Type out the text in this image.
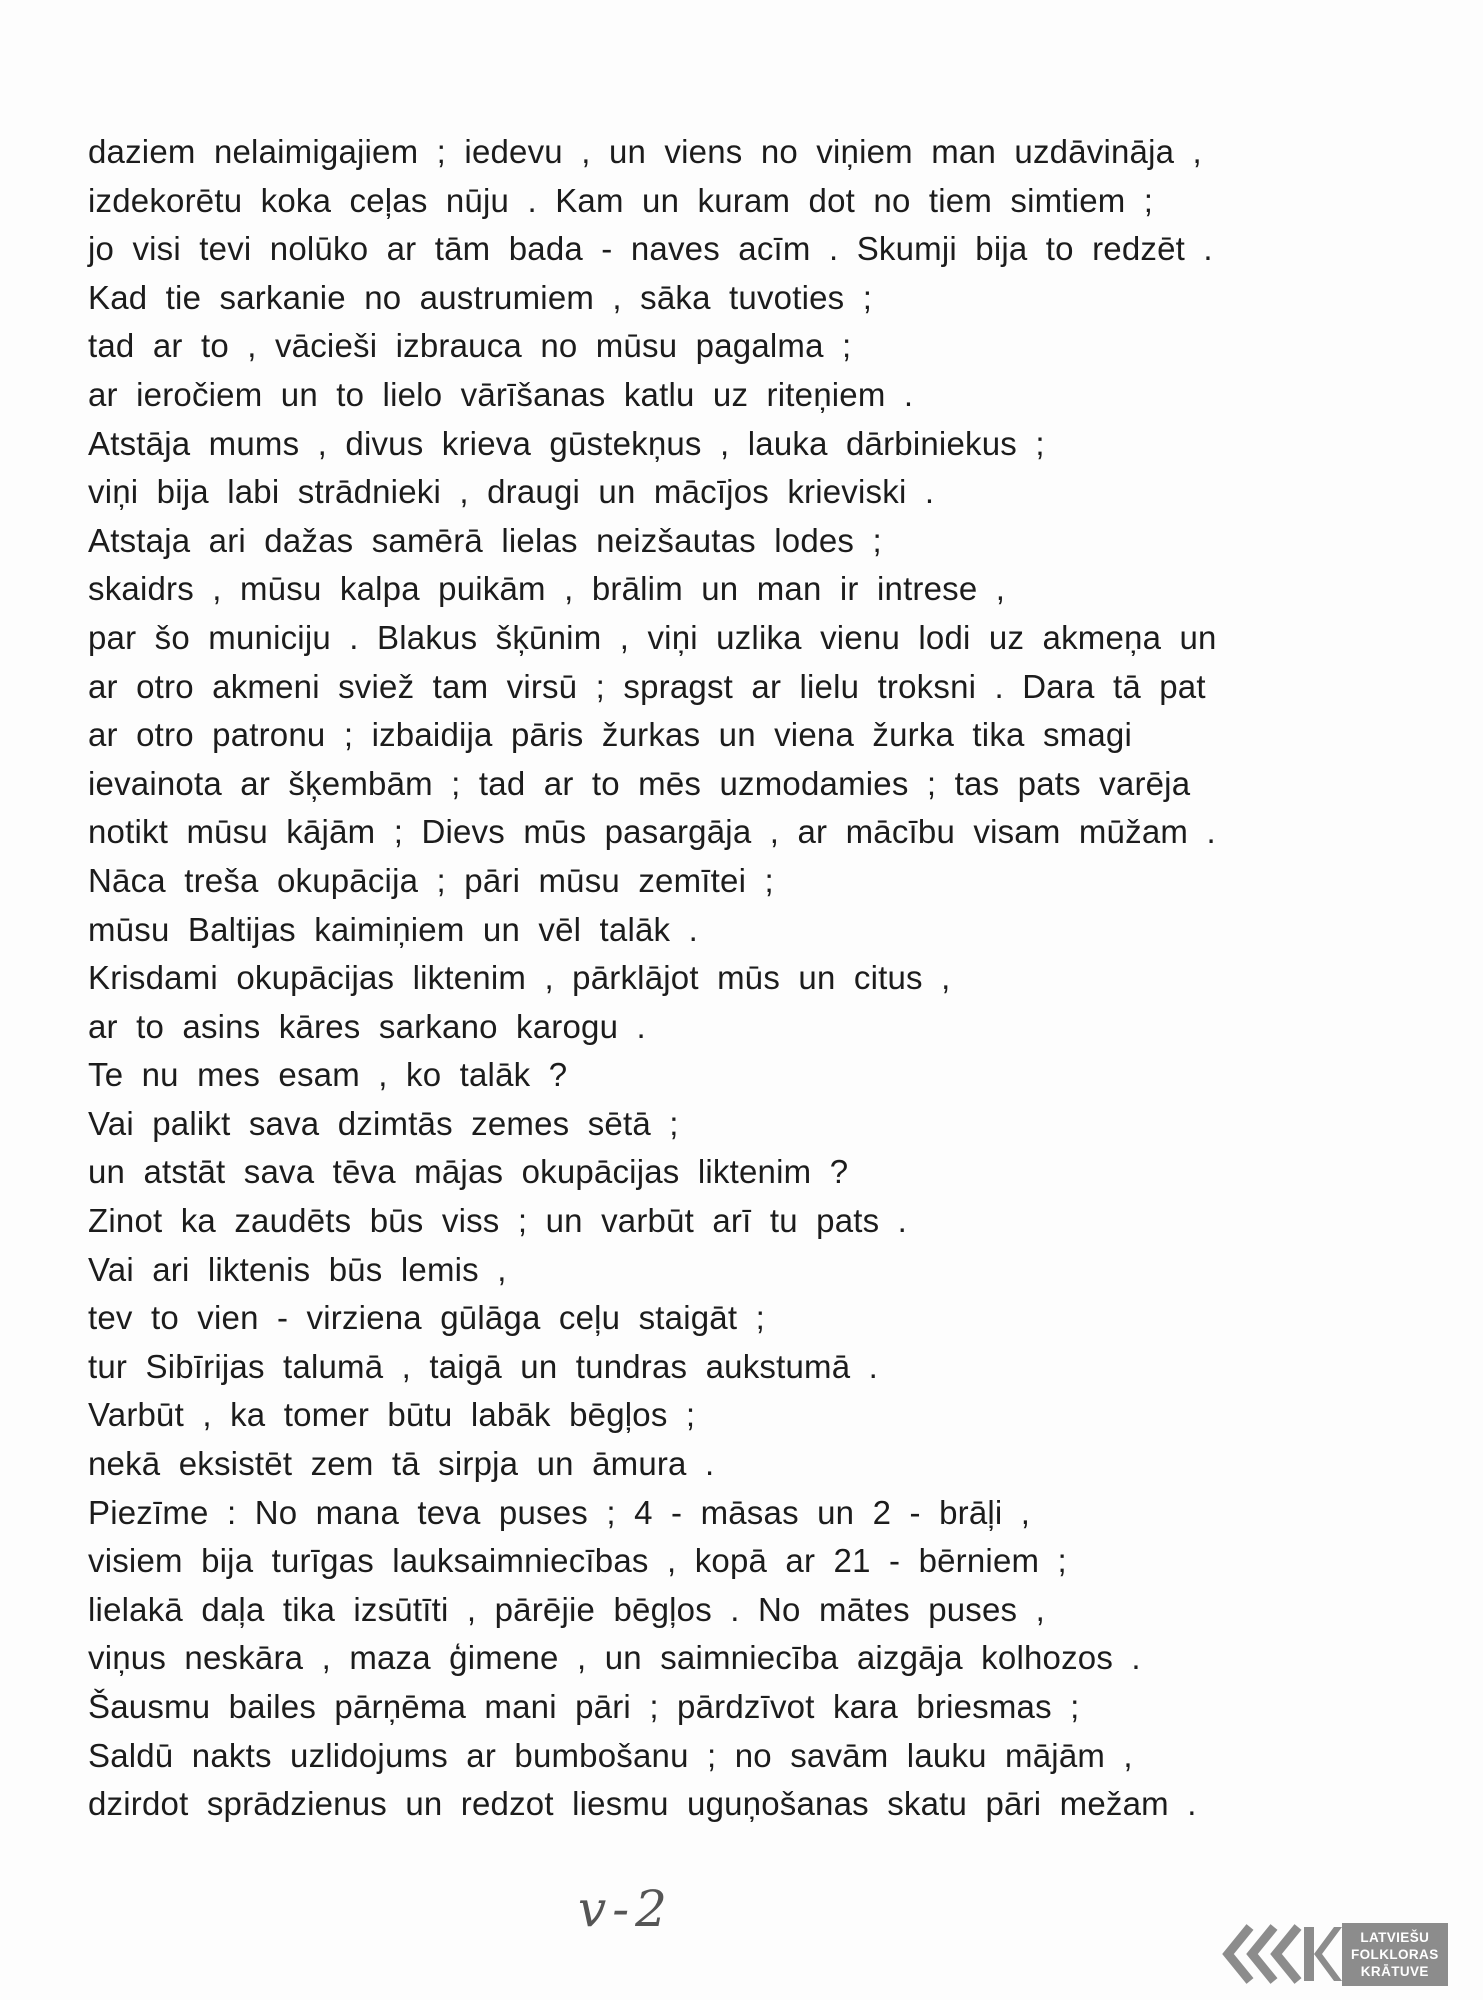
daziem nelaimigajiem ; iedevu , un viens no viņiem man uzdāvināja ,
izdekorētu koka ceļas nūju . Kam un kuram dot no tiem simtiem ;
jo visi tevi nolūko ar tām bada - naves acīm . Skumji bija to redzēt .
Kad tie sarkanie no austrumiem , sāka tuvoties ;
tad ar to , vācieši izbrauca no mūsu pagalma ;
ar ieročiem un to lielo vārīšanas katlu uz riteņiem .
Atstāja mums , divus krieva gūstekņus , lauka dārbiniekus ;
viņi bija labi strādnieki , draugi un mācījos krieviski .
Atstaja ari dažas samērā lielas neizšautas lodes ;
skaidrs , mūsu kalpa puikām , brālim un man ir intrese ,
par šo municiju . Blakus šķūnim , viņi uzlika vienu lodi uz akmeņa un
ar otro akmeni sviež tam virsū ; spragst ar lielu troksni . Dara tā pat
ar otro patronu ; izbaidija pāris žurkas un viena žurka tika smagi
ievainota ar šķembām ; tad ar to mēs uzmodamies ; tas pats varēja
notikt mūsu kājām ; Dievs mūs pasargāja , ar mācību visam mūžam .
Nāca treša okupācija ; pāri mūsu zemītei ;
mūsu Baltijas kaimiņiem un vēl talāk .
Krisdami okupācijas liktenim , pārklājot mūs un citus ,
ar to asins kāres sarkano karogu .
Te nu mes esam , ko talāk ?
Vai palikt sava dzimtās zemes sētā ;
un atstāt sava tēva mājas okupācijas liktenim ?
Zinot ka zaudēts būs viss ; un varbūt arī tu pats .
Vai ari liktenis būs lemis ,
tev to vien - virziena gūlāga ceļu staigāt ;
tur Sibīrijas talumā , taigā un tundras aukstumā .
Varbūt , ka tomer būtu labāk bēgļos ;
nekā eksistēt zem tā sirpja un āmura .
Piezīme : No mana teva puses ; 4 - māsas un 2 - brāļi ,
visiem bija turīgas lauksaimniecības , kopā ar 21 - bērniem ;
lielakā daļa tika izsūtīti , pārējie bēgļos . No mātes puses ,
viņus neskāra , maza ģimene , un saimniecība aizgāja kolhozos .
Šausmu bailes pārņēma mani pāri ; pārdzīvot kara briesmas ;
Saldū nakts uzlidojums ar bumbošanu ; no savām lauku mājām ,
dzirdot sprādzienus un redzot liesmu uguņošanas skatu pāri mežam .
v-2	LATVIEŠU
FOLKLORAS
KRĀTUVE
